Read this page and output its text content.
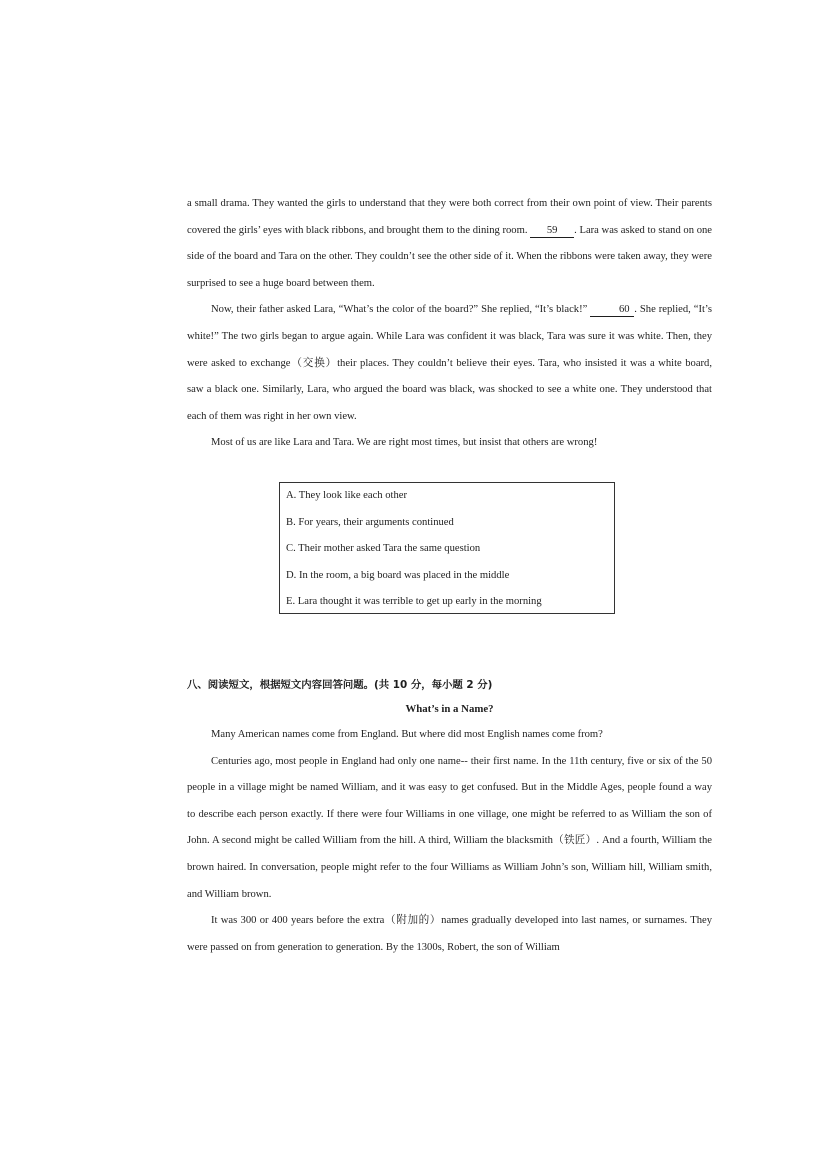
a small drama. They wanted the girls to understand that they were both correct from their own point of view. Their parents covered the girls’ eyes with black ribbons, and brought them to the dining room. 59 . Lara was asked to stand on one side of the board and Tara on the other. They couldn’t see the other side of it. When the ribbons were taken away, they were surprised to see a huge board between them.

Now, their father asked Lara, “What’s the color of the board?” She replied, “It’s black!”	60 . She replied, “It’s white!” The two girls began to argue again. While Lara was confident it was black, Tara was sure it was white. Then, they were asked to exchange（交换）their places. They couldn’t believe their eyes. Tara, who insisted it was a white board, saw a black one. Similarly, Lara, who argued the board was black, was shocked to see a white one. They understood that each of them was right in her own view.

Most of us are like Lara and Tara. We are right most times, but insist that others are wrong!

A. They look like each other
B. For years, their arguments continued
C. Their mother asked Tara the same question
D. In the room, a big board was placed in the middle
E. Lara thought it was terrible to get up early in the morning
八、阅读短文，根据短文内容回答问题。(共 10 分，每小题 2 分)
What’s in a Name?

Many American names come from England. But where did most English names come from?

Centuries ago, most people in England had only one name-- their first name. In the 11th century, five or six of the 50 people in a village might be named William, and it was easy to get confused. But in the Middle Ages, people found a way to describe each person exactly. If there were four Williams in one village, one might be referred to as William the son of John. A second might be called William from the hill. A third, William the blacksmith（铁匠）. And a fourth, William the brown haired. In conversation, people might refer to the four Williams as William John’s son, William hill, William smith, and William brown.

It was 300 or 400 years before the extra（附加的）names gradually developed into last names, or surnames. They were passed on from generation to generation. By the 1300s, Robert, the son of William
